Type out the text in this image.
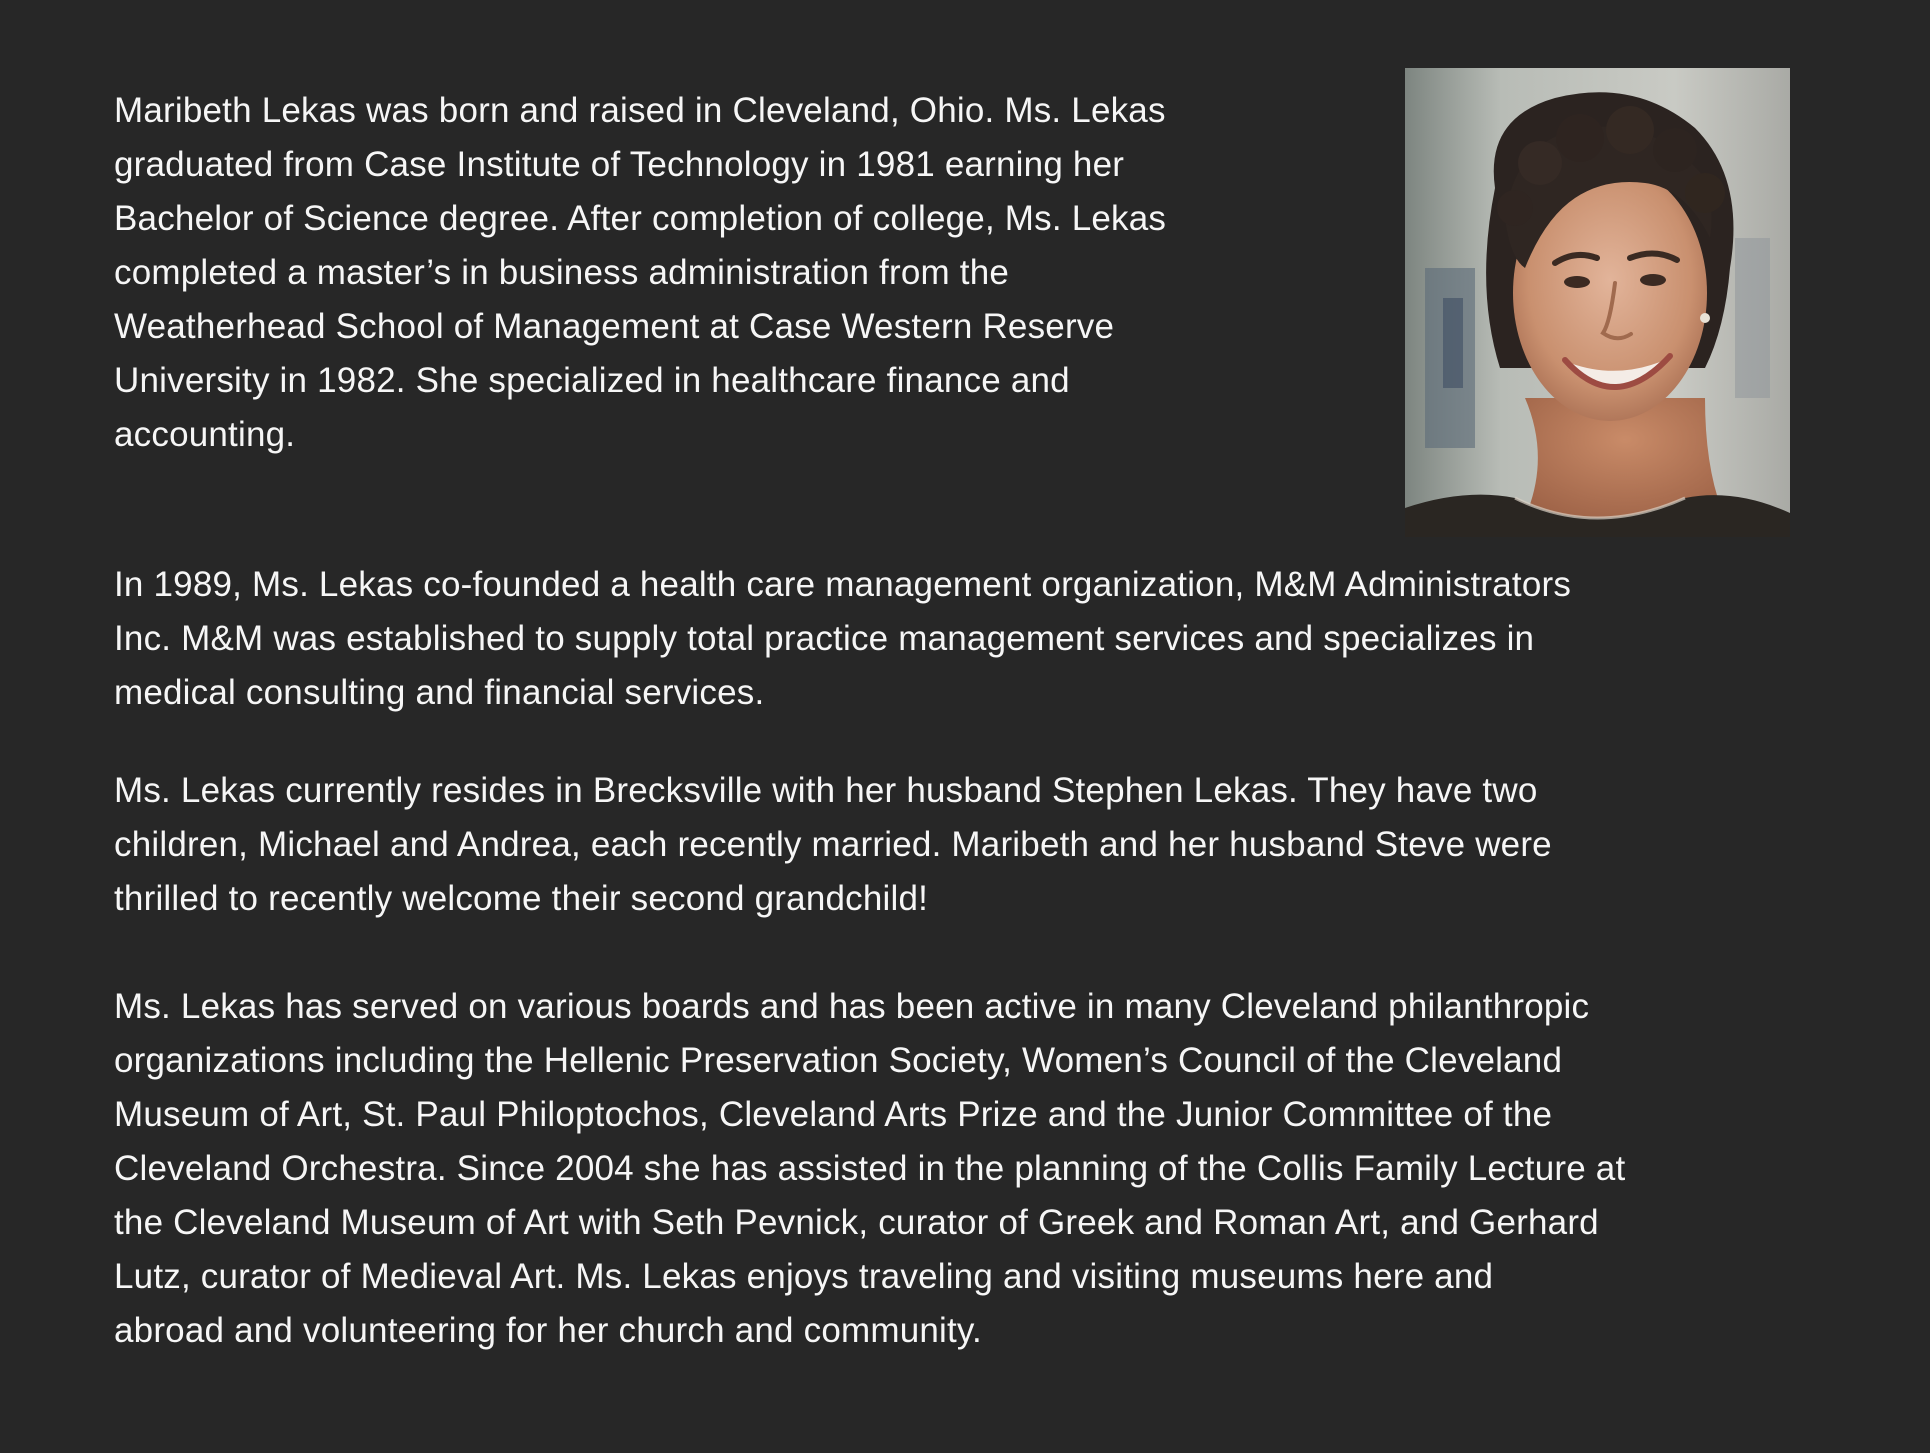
Maribeth Lekas was born and raised in Cleveland, Ohio. Ms. Lekas
graduated from Case Institute of Technology in 1981 earning her
Bachelor of Science degree. After completion of college, Ms. Lekas
completed a master’s in business administration from the
Weatherhead School of Management at Case Western Reserve
University in 1982. She specialized in healthcare finance and
accounting.

In 1989, Ms. Lekas co-founded a health care management organization, M&M Administrators
Inc. M&M was established to supply total practice management services and specializes in
medical consulting and financial services.

Ms. Lekas currently resides in Brecksville with her husband Stephen Lekas. They have two
children, Michael and Andrea, each recently married. Maribeth and her husband Steve were
thrilled to recently welcome their second grandchild!

Ms. Lekas has served on various boards and has been active in many Cleveland philanthropic
organizations including the Hellenic Preservation Society, Women’s Council of the Cleveland
Museum of Art, St. Paul Philoptochos, Cleveland Arts Prize and the Junior Committee of the
Cleveland Orchestra. Since 2004 she has assisted in the planning of the Collis Family Lecture at
the Cleveland Museum of Art with Seth Pevnick, curator of Greek and Roman Art, and Gerhard
Lutz, curator of Medieval Art. Ms. Lekas enjoys traveling and visiting museums here and
abroad and volunteering for her church and community.
